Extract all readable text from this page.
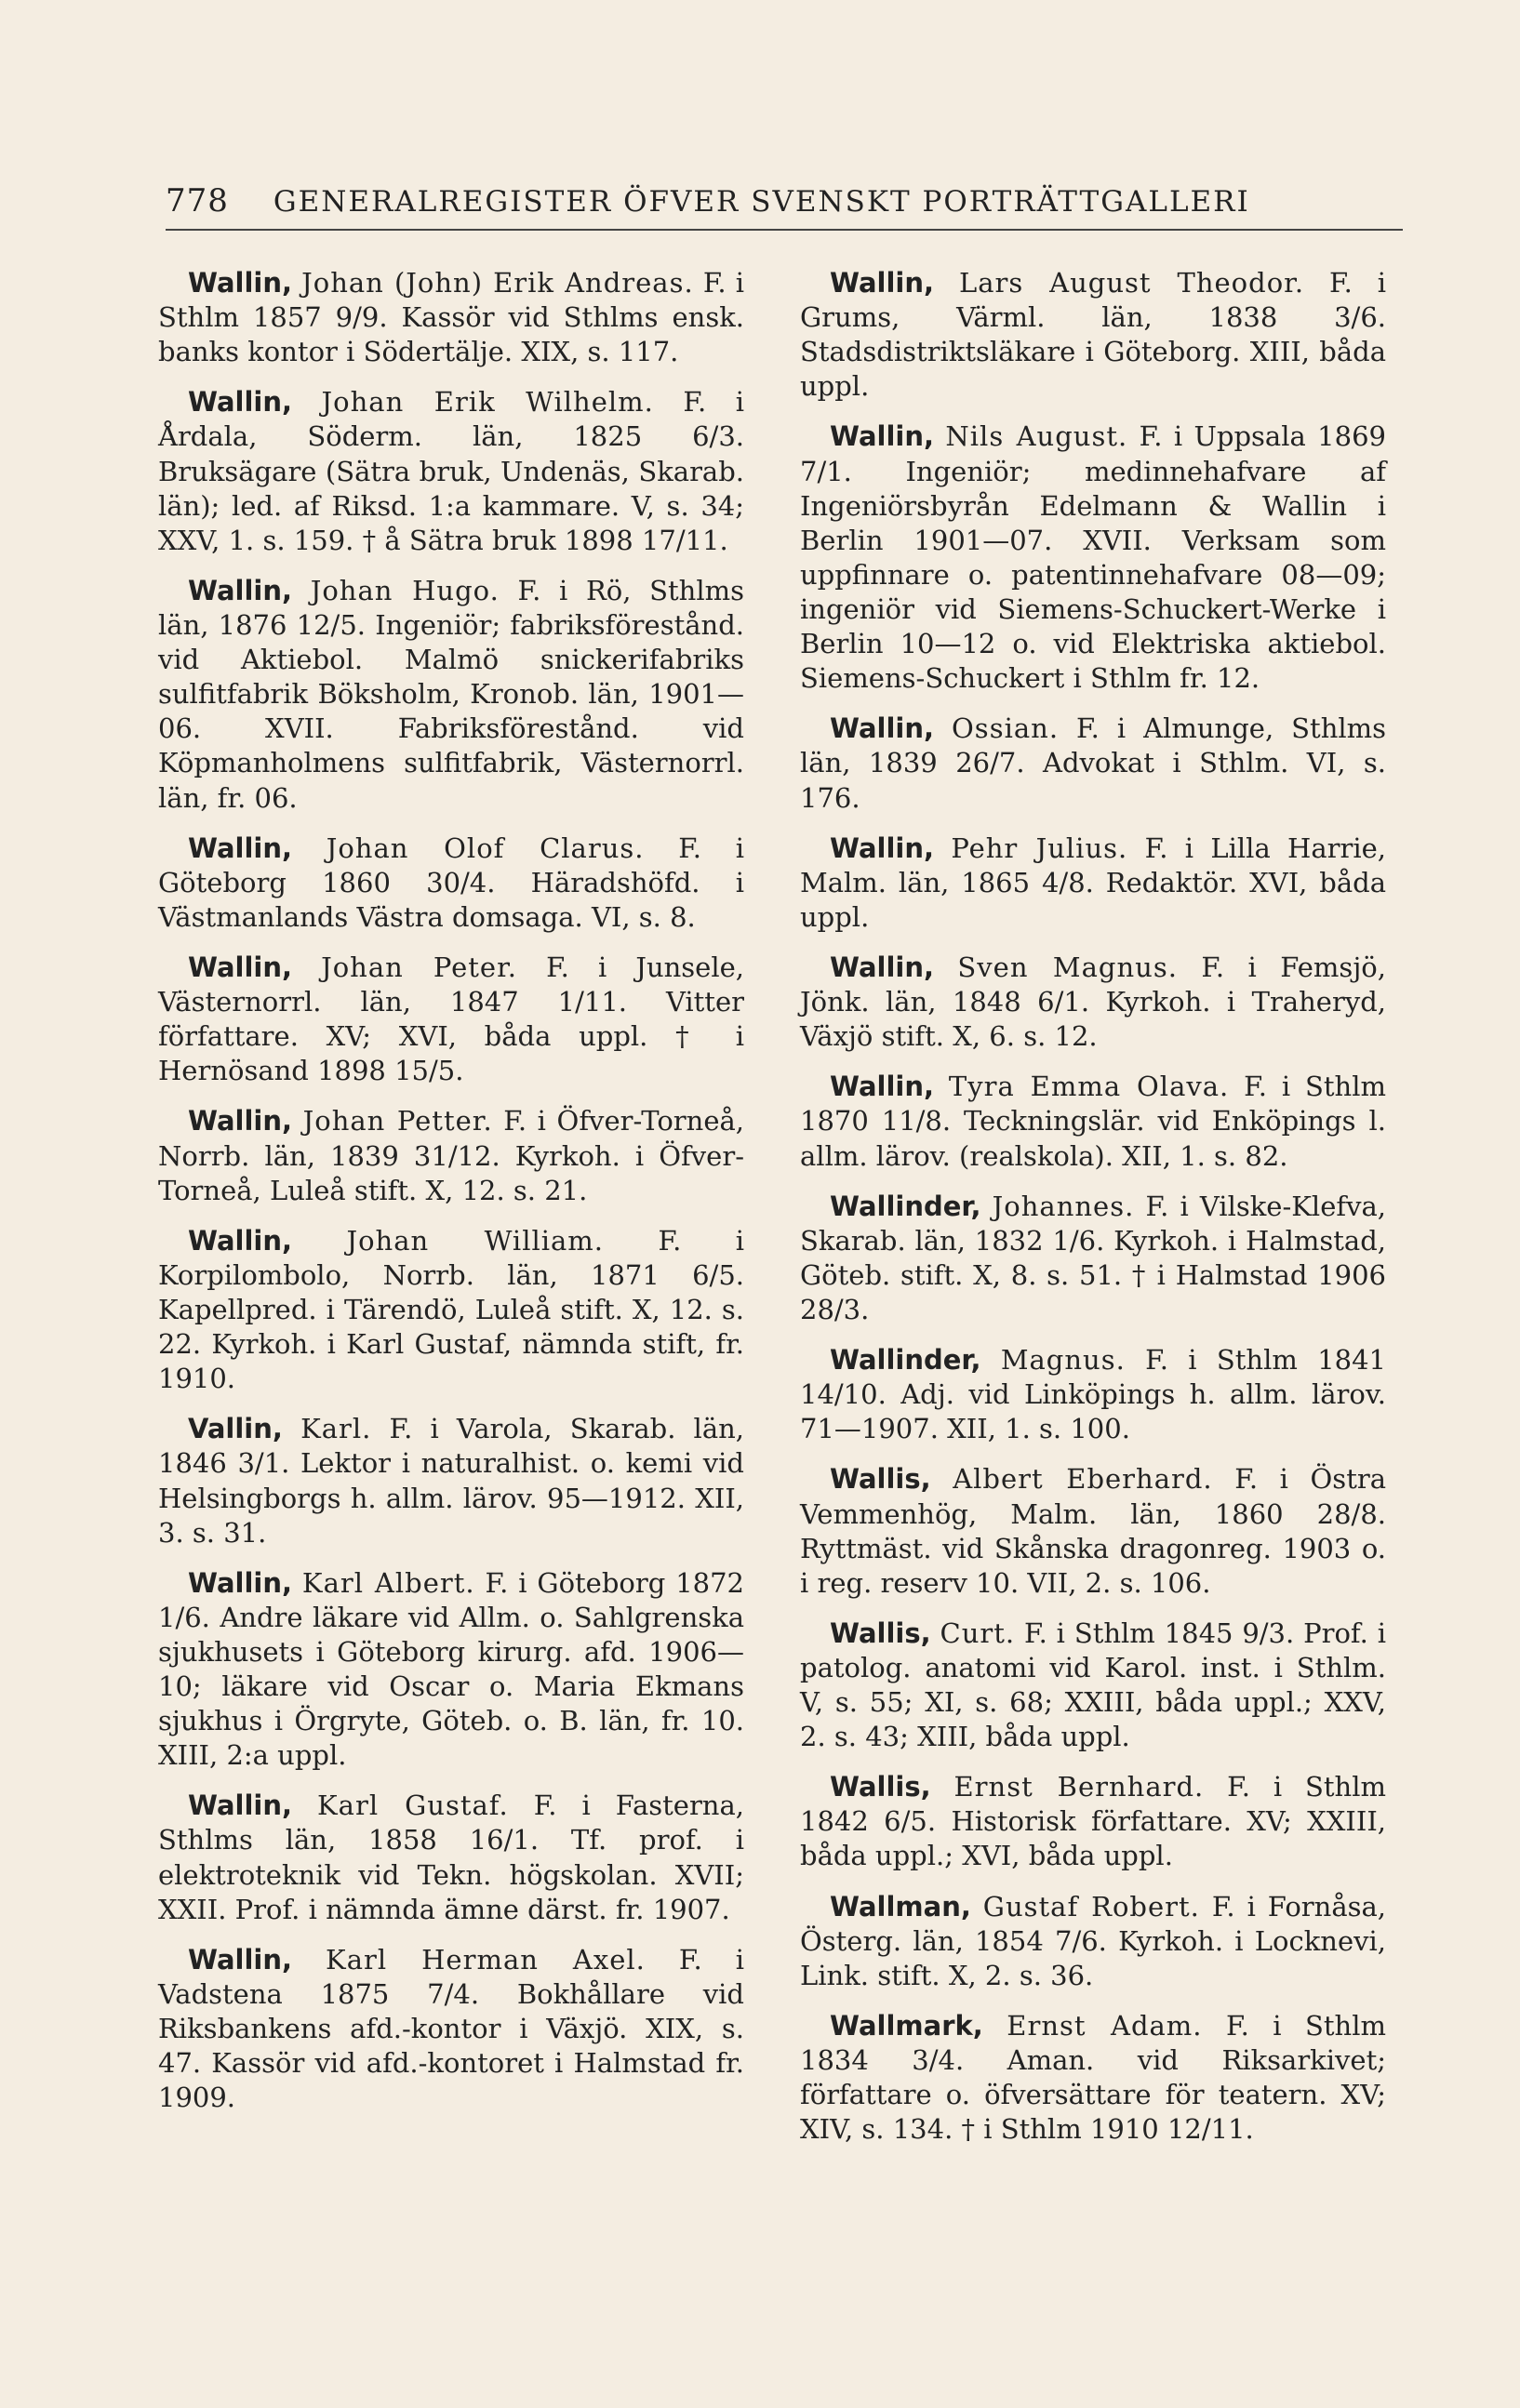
778 GENERALREGISTER ÖFVER SVENSKT PORTRÄTTGALLERI

Wallin, Johan (John) Erik Andreas. F. i Sthlm 1857 9/9. Kassör vid Sthlms ensk. banks kontor i Södertälje. XIX, s. 117.

Wallin, Johan Erik Wilhelm. F. i Årdala, Söderm. län, 1825 6/3. Bruksägare (Sätra bruk, Undenäs, Skarab. län); led. af Riksd. 1:a kammare. V, s. 34; XXV, 1. s. 159. † å Sätra bruk 1898 17/11.

Wallin, Johan Hugo. F. i Rö, Sthlms län, 1876 12/5. Ingeniör; fabriksförestånd. vid Aktiebol. Malmö snickerifabriks sulfitfabrik Böksholm, Kronob. län, 1901—06. XVII. Fabriksförestånd. vid Köpmanholmens sulfitfabrik, Västernorrl. län, fr. 06.

Wallin, Johan Olof Clarus. F. i Göteborg 1860 30/4. Häradshöfd. i Västmanlands Västra domsaga. VI, s. 8.

Wallin, Johan Peter. F. i Junsele, Västernorrl. län, 1847 1/11. Vitter författare. XV; XVI, båda uppl. † i Hernösand 1898 15/5.

Wallin, Johan Petter. F. i Öfver-Torneå, Norrb. län, 1839 31/12. Kyrkoh. i Öfver-Torneå, Luleå stift. X, 12. s. 21.

Wallin, Johan William. F. i Korpilombolo, Norrb. län, 1871 6/5. Kapellpred. i Tärendö, Luleå stift. X, 12. s. 22. Kyrkoh. i Karl Gustaf, nämnda stift, fr. 1910.

Vallin, Karl. F. i Varola, Skarab. län, 1846 3/1. Lektor i naturalhist. o. kemi vid Helsingborgs h. allm. lärov. 95—1912. XII, 3. s. 31.

Wallin, Karl Albert. F. i Göteborg 1872 1/6. Andre läkare vid Allm. o. Sahlgrenska sjukhusets i Göteborg kirurg. afd. 1906—10; läkare vid Oscar o. Maria Ekmans sjukhus i Örgryte, Göteb. o. B. län, fr. 10. XIII, 2:a uppl.

Wallin, Karl Gustaf. F. i Fasterna, Sthlms län, 1858 16/1. Tf. prof. i elektroteknik vid Tekn. högskolan. XVII; XXII. Prof. i nämnda ämne därst. fr. 1907.

Wallin, Karl Herman Axel. F. i Vadstena 1875 7/4. Bokhållare vid Riksbankens afd.-kontor i Växjö. XIX, s. 47. Kassör vid afd.-kontoret i Halmstad fr. 1909.

Wallin, Lars August Theodor. F. i Grums, Värml. län, 1838 3/6. Stadsdistriktsläkare i Göteborg. XIII, båda uppl.

Wallin, Nils August. F. i Uppsala 1869 7/1. Ingeniör; medinnehafvare af Ingeniörsbyrån Edelmann & Wallin i Berlin 1901—07. XVII. Verksam som uppfinnare o. patentinnehafvare 08—09; ingeniör vid Siemens-Schuckert-Werke i Berlin 10—12 o. vid Elektriska aktiebol. Siemens-Schuckert i Sthlm fr. 12.

Wallin, Ossian. F. i Almunge, Sthlms län, 1839 26/7. Advokat i Sthlm. VI, s. 176.

Wallin, Pehr Julius. F. i Lilla Harrie, Malm. län, 1865 4/8. Redaktör. XVI, båda uppl.

Wallin, Sven Magnus. F. i Femsjö, Jönk. län, 1848 6/1. Kyrkoh. i Traheryd, Växjö stift. X, 6. s. 12.

Wallin, Tyra Emma Olava. F. i Sthlm 1870 11/8. Teckningslär. vid Enköpings l. allm. lärov. (realskola). XII, 1. s. 82.

Wallinder, Johannes. F. i Vilske-Klefva, Skarab. län, 1832 1/6. Kyrkoh. i Halmstad, Göteb. stift. X, 8. s. 51. † i Halmstad 1906 28/3.

Wallinder, Magnus. F. i Sthlm 1841 14/10. Adj. vid Linköpings h. allm. lärov. 71—1907. XII, 1. s. 100.

Wallis, Albert Eberhard. F. i Östra Vemmenhög, Malm. län, 1860 28/8. Ryttmäst. vid Skånska dragonreg. 1903 o. i reg. reserv 10. VII, 2. s. 106.

Wallis, Curt. F. i Sthlm 1845 9/3. Prof. i patolog. anatomi vid Karol. inst. i Sthlm. V, s. 55; XI, s. 68; XXIII, båda uppl.; XXV, 2. s. 43; XIII, båda uppl.

Wallis, Ernst Bernhard. F. i Sthlm 1842 6/5. Historisk författare. XV; XXIII, båda uppl.; XVI, båda uppl.

Wallman, Gustaf Robert. F. i Fornåsa, Österg. län, 1854 7/6. Kyrkoh. i Locknevi, Link. stift. X, 2. s. 36.

Wallmark, Ernst Adam. F. i Sthlm 1834 3/4. Aman. vid Riksarkivet; författare o. öfversättare för teatern. XV; XIV, s. 134. † i Sthlm 1910 12/11.
